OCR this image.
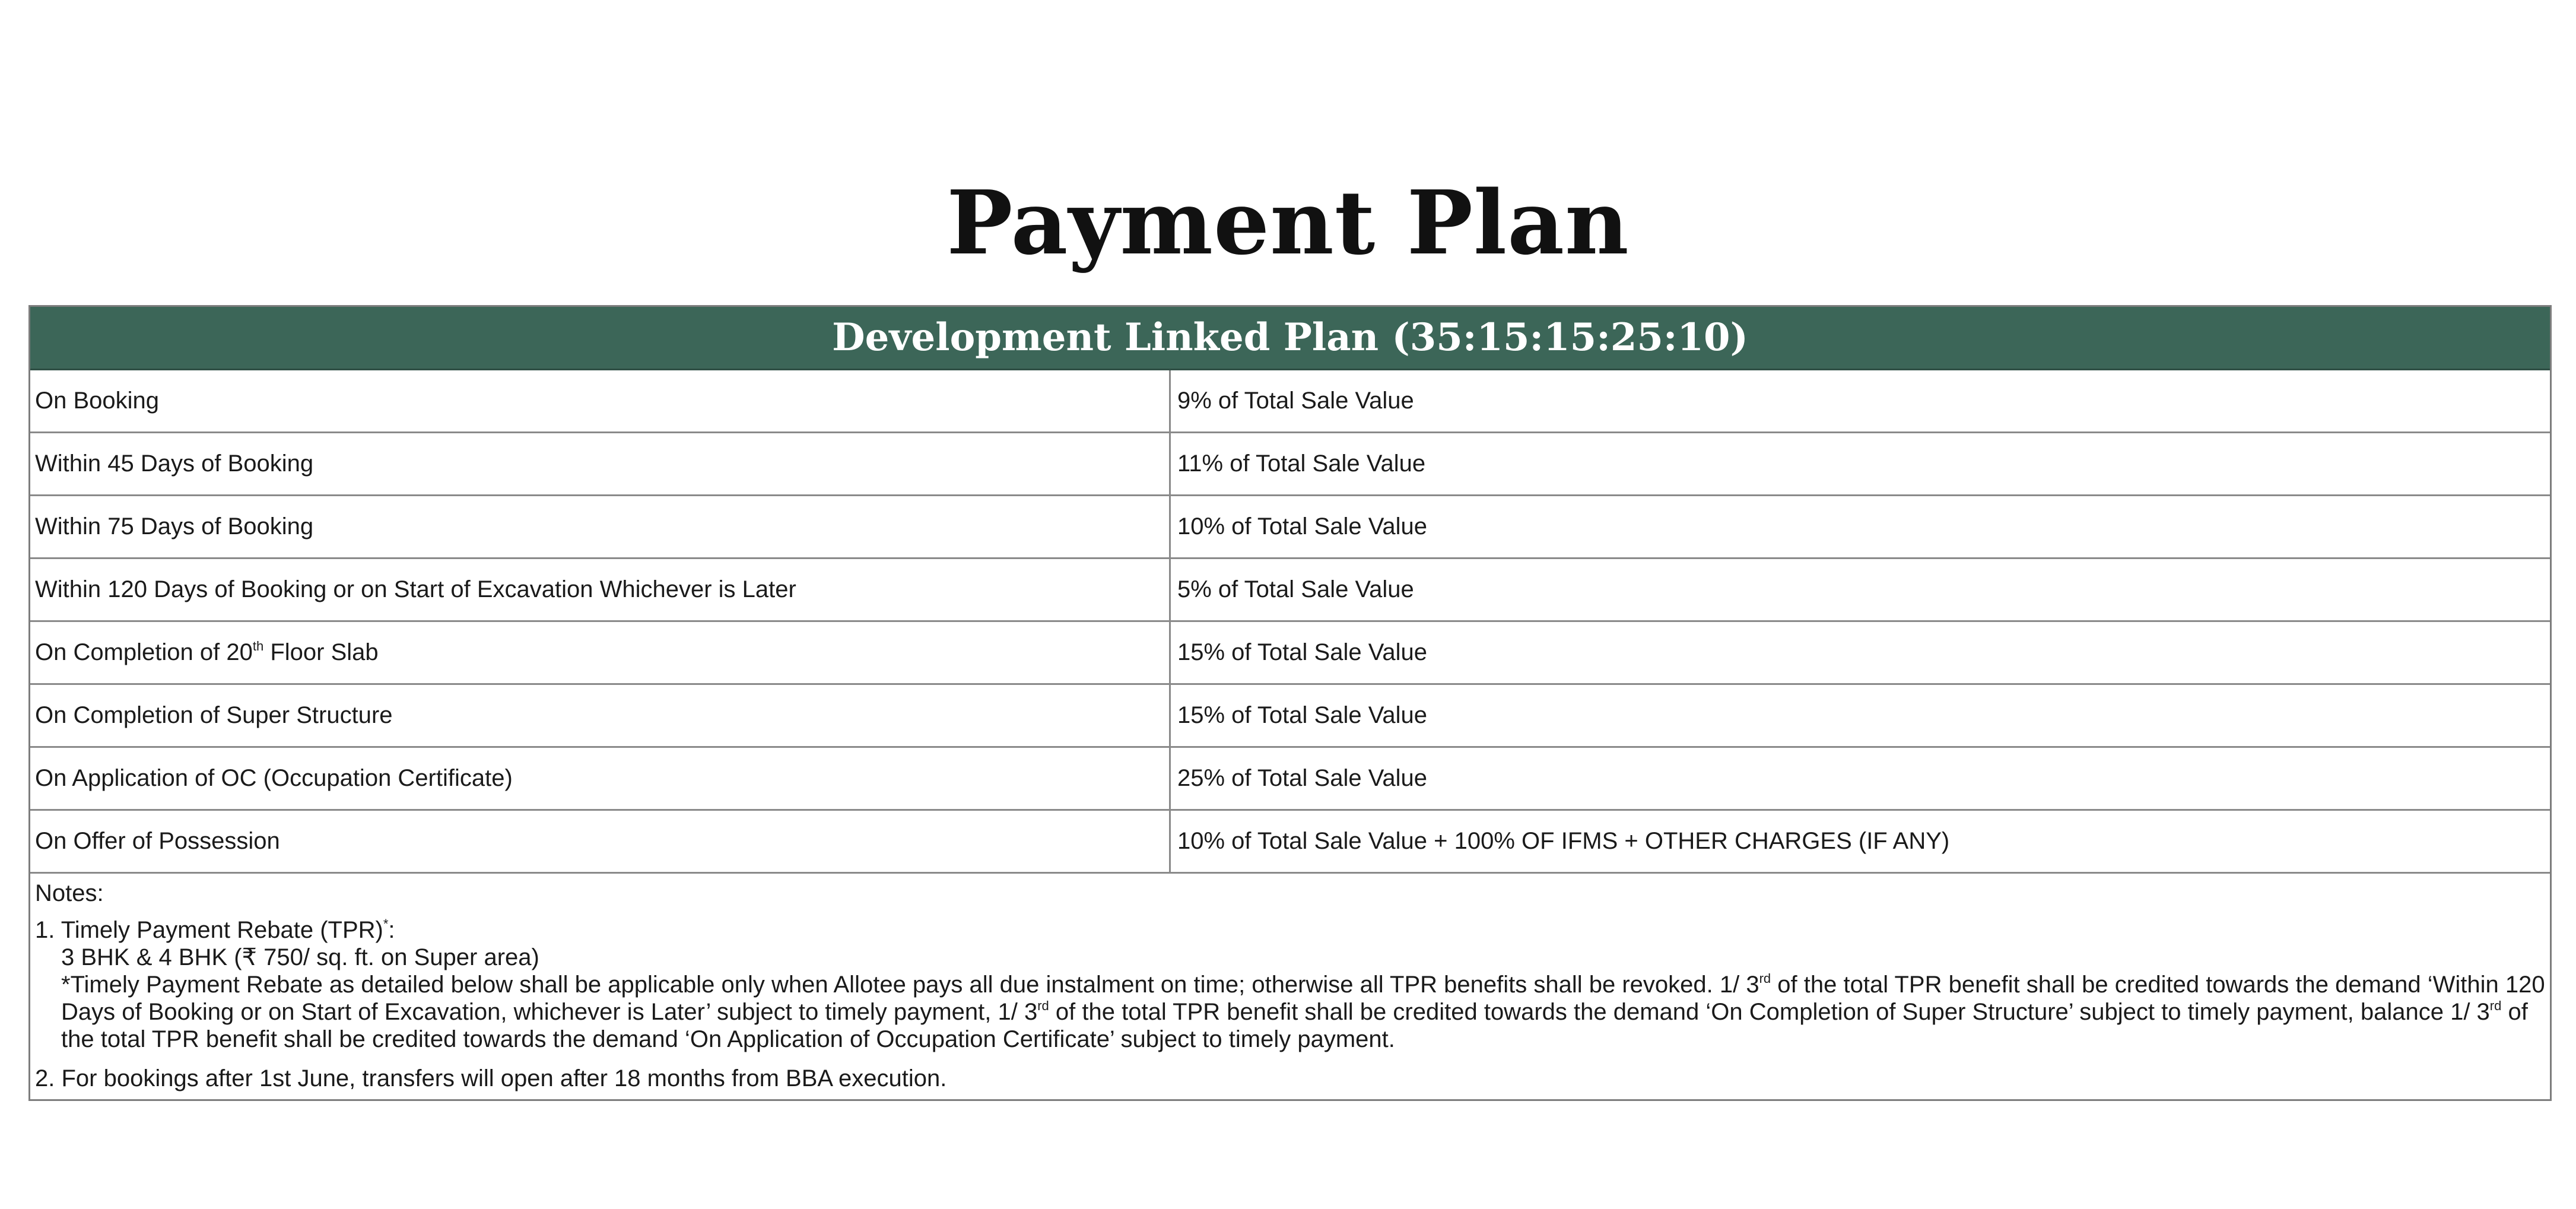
Payment Plan
Development Linked Plan (35:15:15:25:10)
On Booking	9% of Total Sale Value
Within 45 Days of Booking	11% of Total Sale Value
Within 75 Days of Booking	10% of Total Sale Value
Within 120 Days of Booking or on Start of Excavation Whichever is Later	5% of Total Sale Value
On Completion of 20th Floor Slab	15% of Total Sale Value
On Completion of Super Structure	15% of Total Sale Value
On Application of OC (Occupation Certificate)	25% of Total Sale Value
On Offer of Possession	10% of Total Sale Value + 100% OF IFMS + OTHER CHARGES (IF ANY)
Notes:
1. Timely Payment Rebate (TPR)*:
3 BHK & 4 BHK (₹ 750/ sq. ft. on Super area)
*Timely Payment Rebate as detailed below shall be applicable only when Allotee pays all due instalment on time; otherwise all TPR benefits shall be revoked. 1/ 3rd of the total TPR benefit shall be credited towards the demand ‘Within 120 Days of Booking or on Start of Excavation, whichever is Later’ subject to timely payment, 1/ 3rd of the total TPR benefit shall be credited towards the demand ‘On Completion of Super Structure’ subject to timely payment, balance 1/ 3rd of the total TPR benefit shall be credited towards the demand ‘On Application of Occupation Certificate’ subject to timely payment.
2. For bookings after 1st June, transfers will open after 18 months from BBA execution.
